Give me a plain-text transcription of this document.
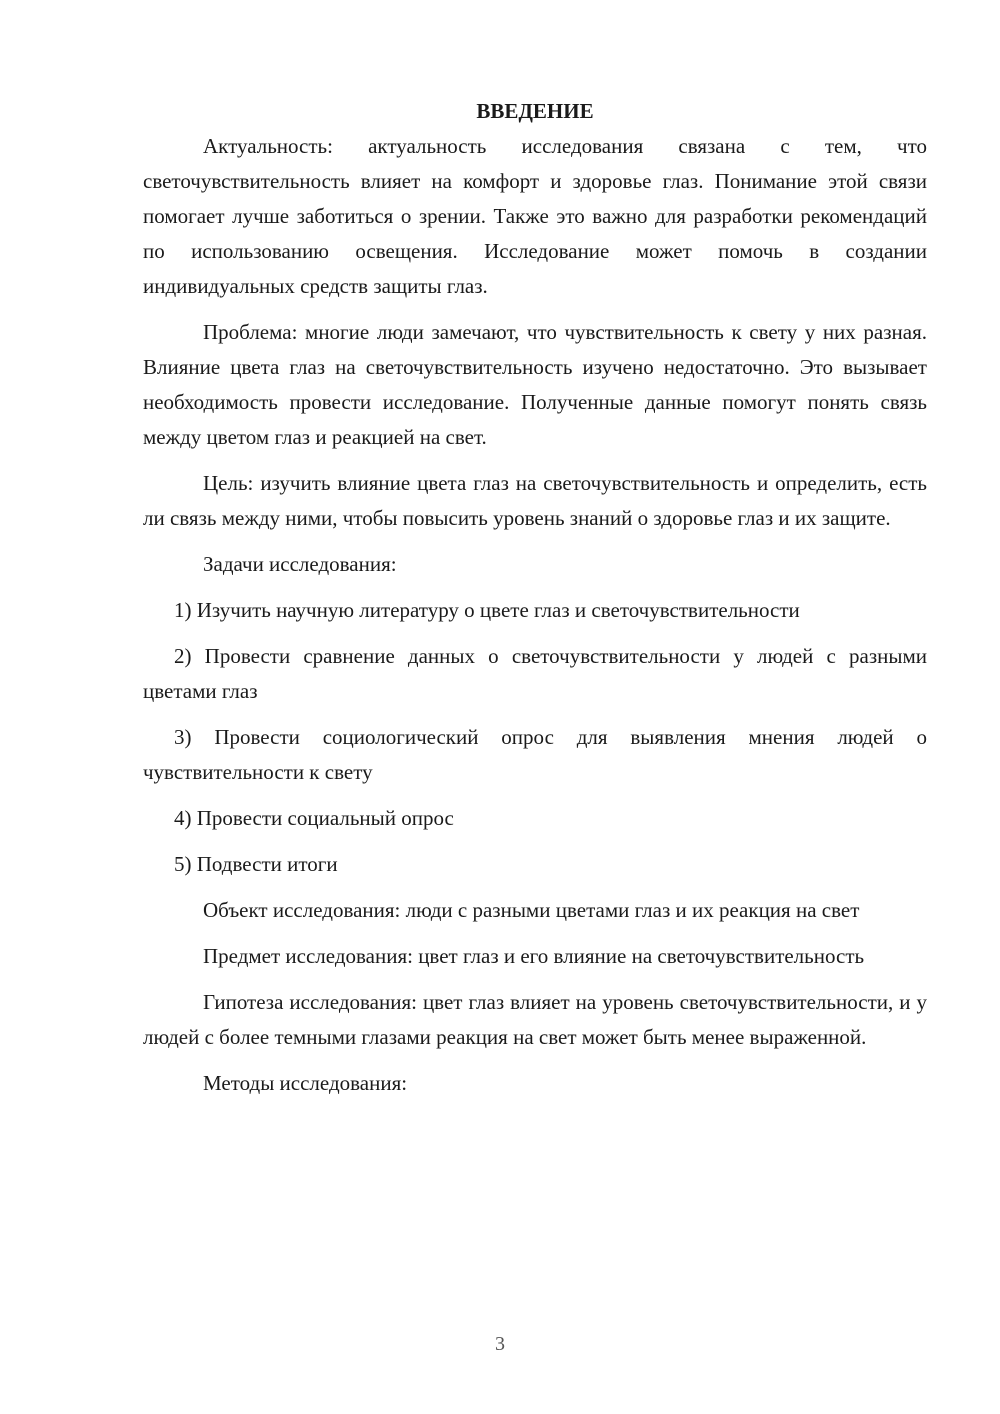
ВВЕДЕНИЕ

Актуальность: актуальность исследования связана с тем, что светочувствительность влияет на комфорт и здоровье глаз. Понимание этой связи помогает лучше заботиться о зрении. Также это важно для разработки рекомендаций по использованию освещения. Исследование может помочь в создании индивидуальных средств защиты глаз.

Проблема: многие люди замечают, что чувствительность к свету у них разная. Влияние цвета глаз на светочувствительность изучено недостаточно. Это вызывает необходимость провести исследование. Полученные данные помогут понять связь между цветом глаз и реакцией на свет.

Цель: изучить влияние цвета глаз на светочувствительность и определить, есть ли связь между ними, чтобы повысить уровень знаний о здоровье глаз и их защите.

Задачи исследования:

1) Изучить научную литературу о цвете глаз и светочувствительности

2) Провести сравнение данных о светочувствительности у людей с разными цветами глаз

3) Провести социологический опрос для выявления мнения людей о чувствительности к свету

4) Провести социальный опрос

5) Подвести итоги

Объект исследования: люди с разными цветами глаз и их реакция на свет

Предмет исследования: цвет глаз и его влияние на светочувствительность

Гипотеза исследования: цвет глаз влияет на уровень светочувствительности, и у людей с более темными глазами реакция на свет может быть менее выраженной.

Методы исследования:

3
